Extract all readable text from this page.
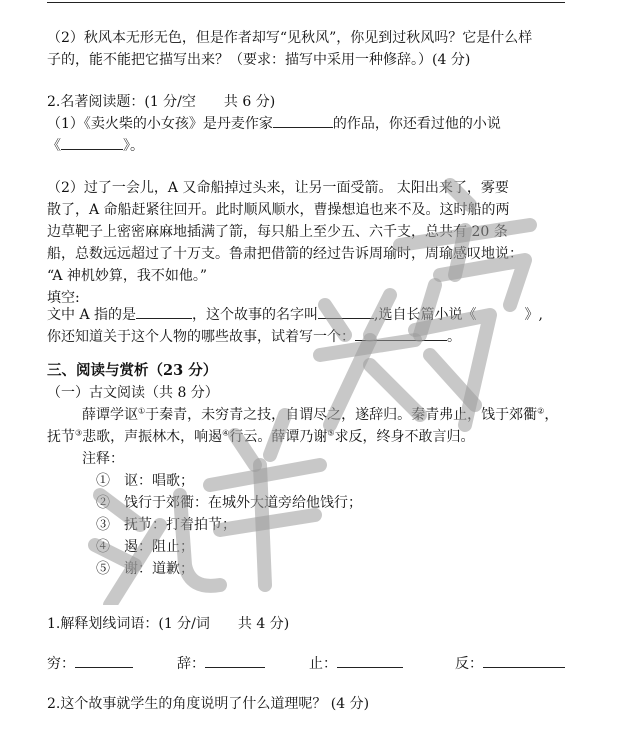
（2）秋风本无形无色，但是作者却写“见秋风”，你见到过秋风吗？它是什么样
子的，能不能把它描写出来？（要求：描写中采用一种修辞。）(4 分)
2.名著阅读题：(1 分/空　　共 6 分)
（1）《卖火柴的小女孩》是丹麦作家	的作品，你还看过他的小说
《	》。
（2）过了一会儿，A 又命船掉过头来，让另一面受箭。 太阳出来了，雾要
散了，A 命船赶紧往回开。此时顺风顺水，曹操想追也来不及。这时船的两
边草靶子上密密麻麻地插满了箭，每只船上至少五、六千支，总共有 20 条
船，总数远远超过了十万支。鲁肃把借箭的经过告诉周瑜时，周瑜感叹地说：
“A 神机妙算，我不如他。”
填空:
文中 A 指的是	，这个故事的名字叫	,选自长篇小说《	》,
你还知道关于这个人物的哪些故事，试着写一个：	。
三、阅读与赏析（23 分）
（一）古文阅读（共 8 分）
薛谭学讴①于秦青，未穷青之技，自谓尽之，遂辞归。秦青弗止，饯于郊衢②，
抚节③悲歌，声振林木，响遏④行云。薛谭乃谢⑤求反，终身不敢言归。
注释：
①　讴：唱歌；
②　饯行于郊衢：在城外大道旁给他饯行；
③　抚节：打着拍节；
④　遏：阻止；
⑤　谢：道歉；
1.解释划线词语：(1 分/词　　共 4 分)
穷：	辞：	止：	反：
2.这个故事就学生的角度说明了什么道理呢？ (4 分)
